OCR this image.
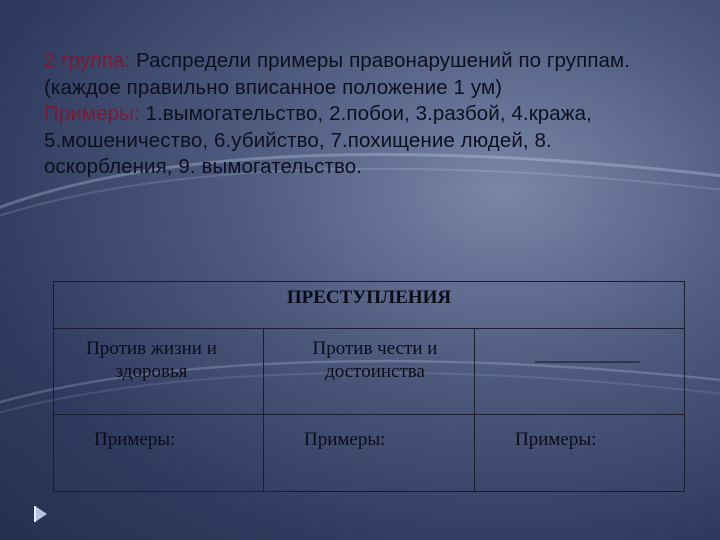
2 группа: Распредели примеры правонарушений по группам. (каждое правильно вписанное положение 1 ум)
Примеры: 1.вымогательство, 2.побои, 3.разбой, 4.кража, 5.мошеничество, 6.убийство, 7.похищение людей, 8. оскорбления, 9. вымогательство.
ПРЕСТУПЛЕНИЯ		

Против жизни и здоровья	Против чести и достоинства	___________

Примеры:	Примеры:	Примеры:
